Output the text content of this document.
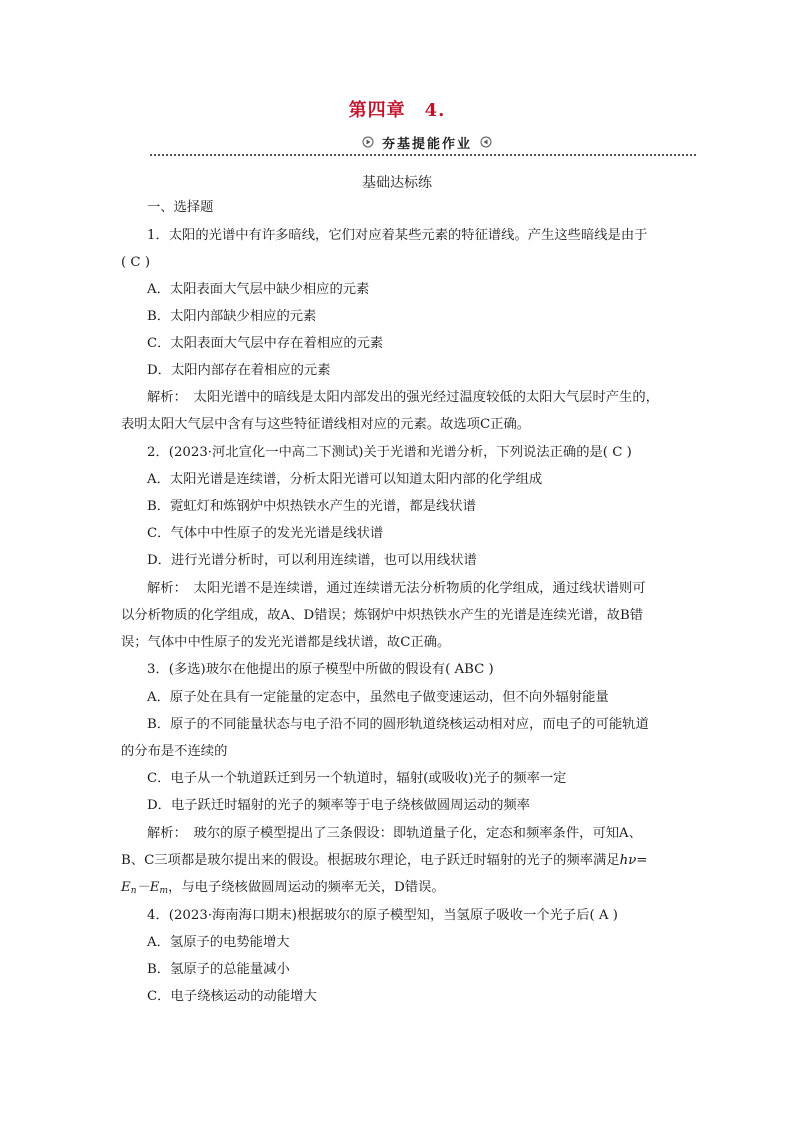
第四章　4.
夯基提能作业
基础达标练
一、选择题
1．太阳的光谱中有许多暗线，它们对应着某些元素的特征谱线。产生这些暗线是由于
( C )
A．太阳表面大气层中缺少相应的元素
B．太阳内部缺少相应的元素
C．太阳表面大气层中存在着相应的元素
D．太阳内部存在着相应的元素
解析：　太阳光谱中的暗线是太阳内部发出的强光经过温度较低的太阳大气层时产生的，
表明太阳大气层中含有与这些特征谱线相对应的元素。故选项C正确。
2．(2023·河北宣化一中高二下测试)关于光谱和光谱分析，下列说法正确的是( C )
A．太阳光谱是连续谱，分析太阳光谱可以知道太阳内部的化学组成
B．霓虹灯和炼钢炉中炽热铁水产生的光谱，都是线状谱
C．气体中中性原子的发光光谱是线状谱
D．进行光谱分析时，可以利用连续谱，也可以用线状谱
解析：　太阳光谱不是连续谱，通过连续谱无法分析物质的化学组成，通过线状谱则可
以分析物质的化学组成，故A、D错误；炼钢炉中炽热铁水产生的光谱是连续光谱，故B错
误；气体中中性原子的发光光谱都是线状谱，故C正确。
3．(多选)玻尔在他提出的原子模型中所做的假设有( ABC )
A．原子处在具有一定能量的定态中，虽然电子做变速运动，但不向外辐射能量
B．原子的不同能量状态与电子沿不同的圆形轨道绕核运动相对应，而电子的可能轨道
的分布是不连续的
C．电子从一个轨道跃迁到另一个轨道时，辐射(或吸收)光子的频率一定
D．电子跃迁时辐射的光子的频率等于电子绕核做圆周运动的频率
解析：　玻尔的原子模型提出了三条假设：即轨道量子化，定态和频率条件，可知A、
B、C三项都是玻尔提出来的假设。根据玻尔理论，电子跃迁时辐射的光子的频率满足hν=
$E_n-E_m$，与电子绕核做圆周运动的频率无关，D错误。
4．(2023·海南海口期末)根据玻尔的原子模型知，当氢原子吸收一个光子后( A )
A．氢原子的电势能增大
B．氢原子的总能量减小
C．电子绕核运动的动能增大
